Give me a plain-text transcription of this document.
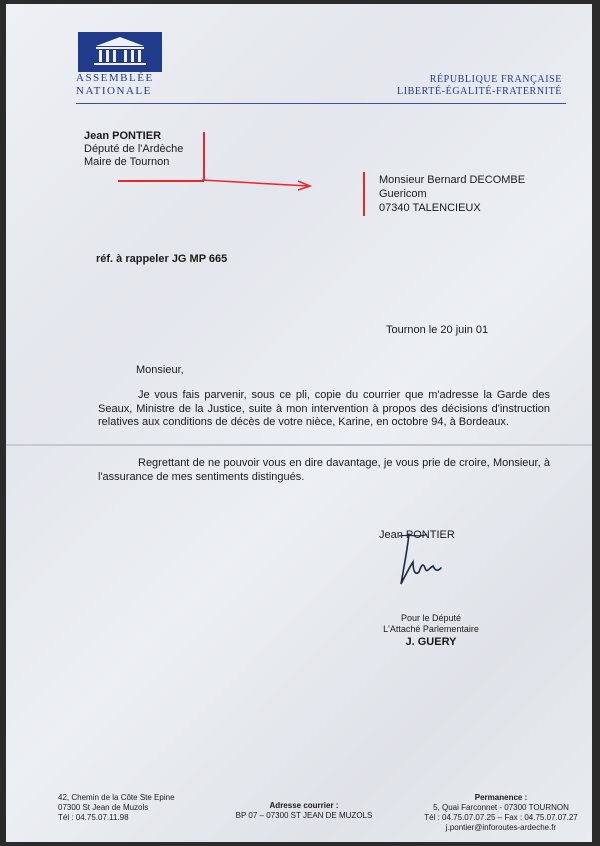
ASSEMBLÉE
NATIONALE
RÉPUBLIQUE FRANÇAISE
LIBERTÉ-ÉGALITÉ-FRATERNITÉ
Jean PONTIER
Député de l'Ardèche
Maire de Tournon
Monsieur Bernard DECOMBE
Guericom
07340 TALENCIEUX
réf. à rappeler JG MP 665
Tournon le 20 juin 01
Monsieur,
Je vous fais parvenir, sous ce pli, copie du courrier que m'adresse la Garde des Seaux, Ministre de la Justice, suite à mon intervention à propos des décisions d'instruction relatives aux conditions de décès de votre nièce, Karine, en octobre 94, à Bordeaux.
Regrettant de ne pouvoir vous en dire davantage, je vous prie de croire, Monsieur, à l'assurance de mes sentiments distingués.
Jean PONTIER
Pour le Député
L'Attaché Parlementaire
J. GUERY
42, Chemin de la Côte Ste Epine
07300 St Jean de Muzols
Tél : 04.75.07.11.98
Adresse courrier :
BP 07 – 07300 ST JEAN DE MUZOLS
Permanence :
5, Quai Farconnet - 07300 TOURNON
Tél : 04.75.07.07.25 – Fax : 04.75.07.07.27
j.pontier@inforoutes-ardeche.fr
